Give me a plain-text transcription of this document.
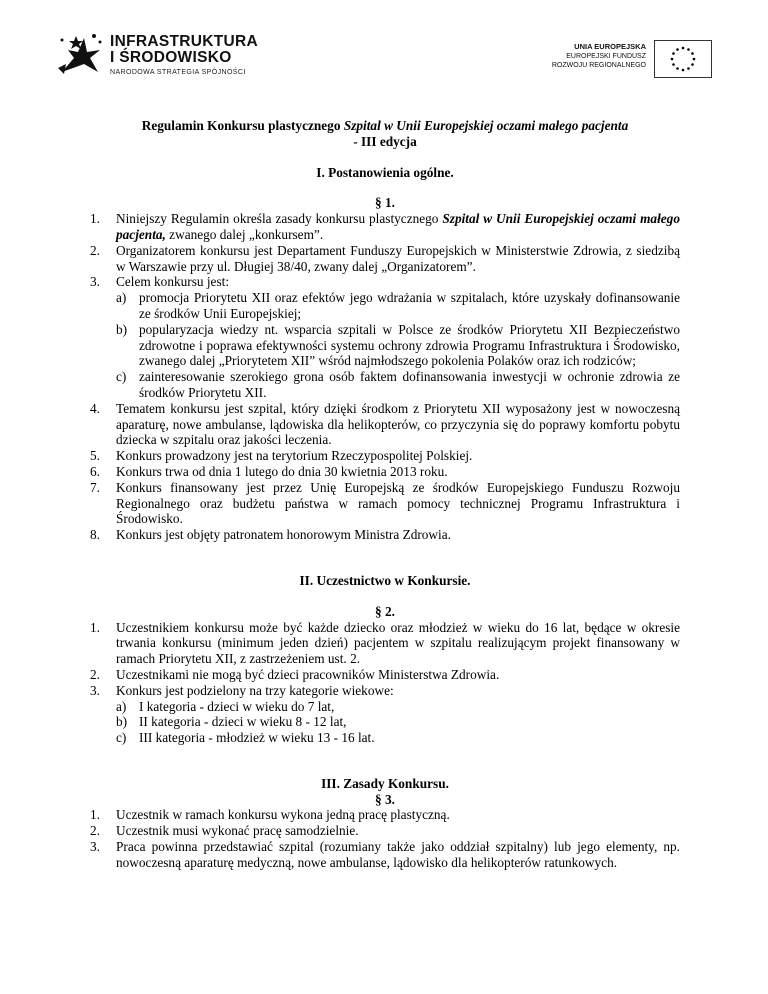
INFRASTRUKTURA
I ŚRODOWISKO
NARODOWA STRATEGIA SPÓJNOŚCI
UNIA EUROPEJSKA
EUROPEJSKI FUNDUSZ
ROZWOJU REGIONALNEGO

Regulamin Konkursu plastycznego Szpital w Unii Europejskiej oczami małego pacjenta

- III edycja

I. Postanowienia ogólne.

§ 1.

1.	Niniejszy Regulamin określa zasady konkursu plastycznego Szpital w Unii Europejskiej oczami małego pacjenta, zwanego dalej „konkursem”.
2.	Organizatorem konkursu jest Departament Funduszy Europejskich w Ministerstwie Zdrowia, z siedzibą w Warszawie przy ul. Długiej 38/40, zwany dalej „Organizatorem”.
3.	Celem konkursu jest:
a) promocja Priorytetu XII oraz efektów jego wdrażania w szpitalach, które uzyskały dofinansowanie ze środków Unii Europejskiej;
b) popularyzacja wiedzy nt. wsparcia szpitali w Polsce ze środków Priorytetu XII Bezpieczeństwo zdrowotne i poprawa efektywności systemu ochrony zdrowia Programu Infrastruktura i Środowisko, zwanego dalej „Priorytetem XII” wśród najmłodszego pokolenia Polaków oraz ich rodziców;
c) zainteresowanie szerokiego grona osób faktem dofinansowania inwestycji w ochronie zdrowia ze środków Priorytetu XII.
4.	Tematem konkursu jest szpital, który dzięki środkom z Priorytetu XII wyposażony jest w nowoczesną aparaturę, nowe ambulanse, lądowiska dla helikopterów, co przyczynia się do poprawy komfortu pobytu dziecka w szpitalu oraz jakości leczenia.
5.	Konkurs prowadzony jest na terytorium Rzeczypospolitej Polskiej.
6.	Konkurs trwa od dnia 1 lutego do dnia 30 kwietnia 2013 roku.
7.	Konkurs finansowany jest przez Unię Europejską ze środków Europejskiego Funduszu Rozwoju Regionalnego oraz budżetu państwa w ramach pomocy technicznej Programu Infrastruktura i Środowisko.
8.	Konkurs jest objęty patronatem honorowym Ministra Zdrowia.

II. Uczestnictwo w Konkursie.

§ 2.

1.	Uczestnikiem konkursu może być każde dziecko oraz młodzież w wieku do 16 lat, będące w okresie trwania konkursu (minimum jeden dzień) pacjentem w szpitalu realizującym projekt finansowany w ramach Priorytetu XII, z zastrzeżeniem ust. 2.
2.	Uczestnikami nie mogą być dzieci pracowników Ministerstwa Zdrowia.
3.	Konkurs jest podzielony na trzy kategorie wiekowe:
a) I kategoria - dzieci w wieku do 7 lat,
b) II kategoria - dzieci w wieku 8 - 12 lat,
c) III kategoria - młodzież w wieku 13 - 16 lat.

III. Zasady Konkursu.

§ 3.

1.	Uczestnik w ramach konkursu wykona jedną pracę plastyczną.
2.	Uczestnik musi wykonać pracę samodzielnie.
3.	Praca powinna przedstawiać szpital (rozumiany także jako oddział szpitalny) lub jego elementy, np. nowoczesną aparaturę medyczną, nowe ambulanse, lądowisko dla helikopterów ratunkowych.
